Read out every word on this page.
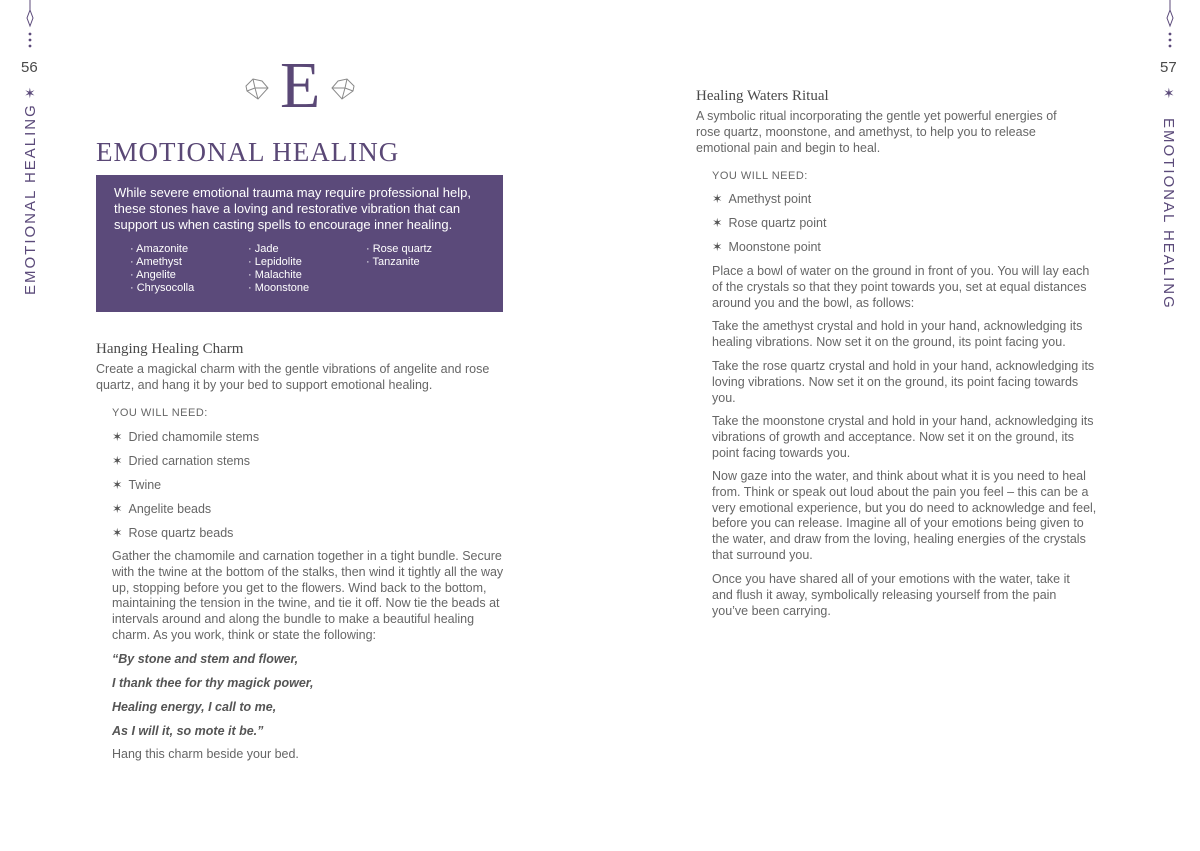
56
✶
EMOTIONAL HEALING
E
EMOTIONAL HEALING

While severe emotional trauma may require professional help, these stones have a loving and restorative vibration that can support us when casting spells to encourage inner healing.

· Amazonite
· Amethyst
· Angelite
· Chrysocolla
· Jade
· Lepidolite
· Malachite
· Moonstone
· Rose quartz
· Tanzanite
Hanging Healing Charm

Create a magickal charm with the gentle vibrations of angelite and rose quartz, and hang it by your bed to support emotional healing.

YOU WILL NEED:
✶ Dried chamomile stems
✶ Dried carnation stems
✶ Twine
✶ Angelite beads
✶ Rose quartz beads

Gather the chamomile and carnation together in a tight bundle. Secure with the twine at the bottom of the stalks, then wind it tightly all the way up, stopping before you get to the flowers. Wind back to the bottom, maintaining the tension in the twine, and tie it off. Now tie the beads at intervals around and along the bundle to make a beautiful healing charm. As you work, think or state the following:

“By stone and stem and flower,
I thank thee for thy magick power,
Healing energy, I call to me,
As I will it, so mote it be.”
Hang this charm beside your bed.
57
✶
EMOTIONAL HEALING
Healing Waters Ritual

A symbolic ritual incorporating the gentle yet powerful energies of rose quartz, moonstone, and amethyst, to help you to release emotional pain and begin to heal.

YOU WILL NEED:
✶ Amethyst point
✶ Rose quartz point
✶ Moonstone point

Place a bowl of water on the ground in front of you. You will lay each of the crystals so that they point towards you, set at equal distances around you and the bowl, as follows:

Take the amethyst crystal and hold in your hand, acknowledging its healing vibrations. Now set it on the ground, its point facing you.

Take the rose quartz crystal and hold in your hand, acknowledging its loving vibrations. Now set it on the ground, its point facing towards you.

Take the moonstone crystal and hold in your hand, acknowledging its vibrations of growth and acceptance. Now set it on the ground, its point facing towards you.

Now gaze into the water, and think about what it is you need to heal from. Think or speak out loud about the pain you feel – this can be a very emotional experience, but you do need to acknowledge and feel, before you can release. Imagine all of your emotions being given to the water, and draw from the loving, healing energies of the crystals that surround you.

Once you have shared all of your emotions with the water, take it and flush it away, symbolically releasing yourself from the pain you’ve been carrying.
